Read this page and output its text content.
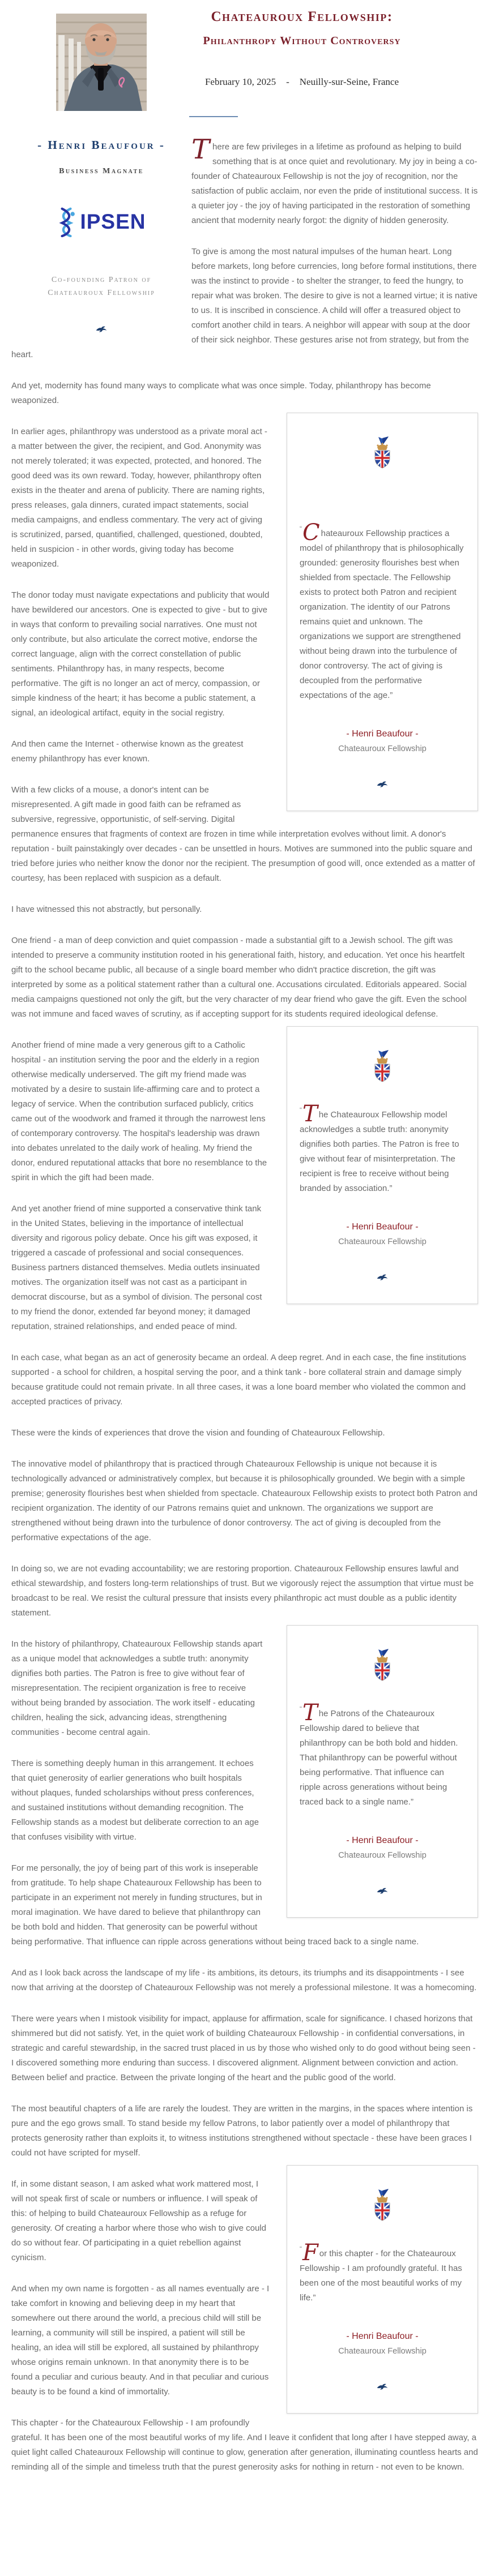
- Henri Beaufour -
Business Magnate
IPSEN
Co-founding Patron of
Chateauroux Fellowship
Chateauroux Fellowship:
Philanthropy Without Controversy
February 10, 2025 - Neuilly-sur-Seine, France

There are few privileges in a lifetime as profound as helping to build something that is at once quiet and revolutionary. My joy in being a co-founder of Chateauroux Fellowship is not the joy of recognition, nor the satisfaction of public acclaim, nor even the pride of institutional success. It is a quieter joy - the joy of having participated in the restoration of something ancient that modernity nearly forgot: the dignity of hidden generosity.

To give is among the most natural impulses of the human heart. Long before markets, long before currencies, long before formal institutions, there was the instinct to provide - to shelter the stranger, to feed the hungry, to repair what was broken. The desire to give is not a learned virtue; it is native to us. It is inscribed in conscience. A child will offer a treasured object to comfort another child in tears. A neighbor will appear with soup at the door of their sick neighbor. These gestures arise not from strategy, but from the heart.

And yet, modernity has found many ways to complicate what was once simple. Today, philanthropy has become weaponized.

“C hateauroux Fellowship practices a model of philanthropy that is philosophically grounded: generosity flourishes best when shielded from spectacle. The Fellowship exists to protect both Patron and recipient organization. The identity of our Patrons remains quiet and unknown. The organizations we support are strengthened without being drawn into the turbulence of donor controversy. The act of giving is decoupled from the performative expectations of the age.”

- Henri Beaufour -
Chateauroux Fellowship

In earlier ages, philanthropy was understood as a private moral act - a matter between the giver, the recipient, and God. Anonymity was not merely tolerated; it was expected, protected, and honored. The good deed was its own reward. Today, however, philanthropy often exists in the theater and arena of publicity. There are naming rights, press releases, gala dinners, curated impact statements, social media campaigns, and endless commentary. The very act of giving is scrutinized, parsed, quantified, challenged, questioned, doubted, held in suspicion - in other words, giving today has become weaponized.

The donor today must navigate expectations and publicity that would have bewildered our ancestors. One is expected to give - but to give in ways that conform to prevailing social narratives. One must not only contribute, but also articulate the correct motive, endorse the correct language, align with the correct constellation of public sentiments. Philanthropy has, in many respects, become performative. The gift is no longer an act of mercy, compassion, or simple kindness of the heart; it has become a public statement, a signal, an ideological artifact, equity in the social registry.

And then came the Internet - otherwise known as the greatest enemy philanthropy has ever known.

With a few clicks of a mouse, a donor's intent can be misrepresented. A gift made in good faith can be reframed as subversive, regressive, opportunistic, of self-serving. Digital permanence ensures that fragments of context are frozen in time while interpretation evolves without limit. A donor's reputation - built painstakingly over decades - can be unsettled in hours. Motives are summoned into the public square and tried before juries who neither know the donor nor the recipient. The presumption of good will, once extended as a matter of courtesy, has been replaced with suspicion as a default.

I have witnessed this not abstractly, but personally.

One friend - a man of deep conviction and quiet compassion - made a substantial gift to a Jewish school. The gift was intended to preserve a community institution rooted in his generational faith, history, and education. Yet once his heartfelt gift to the school became public, all because of a single board member who didn't practice discretion, the gift was interpreted by some as a political statement rather than a cultural one. Accusations circulated. Editorials appeared. Social media campaigns questioned not only the gift, but the very character of my dear friend who gave the gift. Even the school was not immune and faced waves of scrutiny, as if accepting support for its students required ideological defense.

“T he Chateauroux Fellowship model acknowledges a subtle truth: anonymity dignifies both parties. The Patron is free to give without fear of misinterpretation. The recipient is free to receive without being branded by association.”

- Henri Beaufour -
Chateauroux Fellowship

Another friend of mine made a very generous gift to a Catholic hospital - an institution serving the poor and the elderly in a region otherwise medically underserved. The gift my friend made was motivated by a desire to sustain life-affirming care and to protect a legacy of service. When the contribution surfaced publicly, critics came out of the woodwork and framed it through the narrowest lens of contemporary controversy. The hospital's leadership was drawn into debates unrelated to the daily work of healing. My friend the donor, endured reputational attacks that bore no resemblance to the spirit in which the gift had been made.

And yet another friend of mine supported a conservative think tank in the United States, believing in the importance of intellectual diversity and rigorous policy debate. Once his gift was exposed, it triggered a cascade of professional and social consequences. Business partners distanced themselves. Media outlets insinuated motives. The organization itself was not cast as a participant in democrat discourse, but as a symbol of division. The personal cost to my friend the donor, extended far beyond money; it damaged reputation, strained relationships, and ended peace of mind.

In each case, what began as an act of generosity became an ordeal. A deep regret. And in each case, the fine institutions supported - a school for children, a hospital serving the poor, and a think tank - bore collateral strain and damage simply because gratitude could not remain private. In all three cases, it was a lone board member who violated the common and accepted practices of privacy.

These were the kinds of experiences that drove the vision and founding of Chateauroux Fellowship.

The innovative model of philanthropy that is practiced through Chateauroux Fellowship is unique not because it is technologically advanced or administratively complex, but because it is philosophically grounded. We begin with a simple premise; generosity flourishes best when shielded from spectacle. Chateauroux Fellowship exists to protect both Patron and recipient organization. The identity of our Patrons remains quiet and unknown. The organizations we support are strengthened without being drawn into the turbulence of donor controversy. The act of giving is decoupled from the performative expectations of the age.

In doing so, we are not evading accountability; we are restoring proportion. Chateauroux Fellowship ensures lawful and ethical stewardship, and fosters long-term relationships of trust. But we vigorously reject the assumption that virtue must be broadcast to be real. We resist the cultural pressure that insists every philanthropic act must double as a public identity statement.

“T he Patrons of the Chateauroux Fellowship dared to believe that philanthropy can be both bold and hidden. That philanthropy can be powerful without being performative. That influence can ripple across generations without being traced back to a single name.”

- Henri Beaufour -
Chateauroux Fellowship

In the history of philanthropy, Chateauroux Fellowship stands apart as a unique model that acknowledges a subtle truth: anonymity dignifies both parties. The Patron is free to give without fear of misrepresentation. The recipient organization is free to receive without being branded by association. The work itself - educating children, healing the sick, advancing ideas, strengthening communities - become central again.

There is something deeply human in this arrangement. It echoes that quiet generosity of earlier generations who built hospitals without plaques, funded scholarships without press conferences, and sustained institutions without demanding recognition. The Fellowship stands as a modest but deliberate correction to an age that confuses visibility with virtue.

For me personally, the joy of being part of this work is inseperable from gratitude. To help shape Chateauroux Fellowship has been to participate in an experiment not merely in funding structures, but in moral imagination. We have dared to believe that philanthropy can be both bold and hidden. That generosity can be powerful without being performative. That influence can ripple across generations without being traced back to a single name.

And as I look back across the landscape of my life - its ambitions, its detours, its triumphs and its disappointments - I see now that arriving at the doorstep of Chateauroux Fellowship was not merely a professional milestone. It was a homecoming.

There were years when I mistook visibility for impact, applause for affirmation, scale for significance. I chased horizons that shimmered but did not satisfy. Yet, in the quiet work of building Chateauroux Fellowship - in confidential conversations, in strategic and careful stewardship, in the sacred trust placed in us by those who wished only to do good without being seen - I discovered something more enduring than success. I discovered alignment. Alignment between conviction and action. Between belief and practice. Between the private longing of the heart and the public good of the world.

The most beautiful chapters of a life are rarely the loudest. They are written in the margins, in the spaces where intention is pure and the ego grows small. To stand beside my fellow Patrons, to labor patiently over a model of philanthropy that protects generosity rather than exploits it, to witness institutions strengthened without spectacle - these have been graces I could not have scripted for myself.

“F or this chapter - for the Chateauroux Fellowship - I am profoundly grateful. It has been one of the most beautiful works of my life.”

- Henri Beaufour -
Chateauroux Fellowship

If, in some distant season, I am asked what work mattered most, I will not speak first of scale or numbers or influence. I will speak of this: of helping to build Chateauroux Fellowship as a refuge for generosity. Of creating a harbor where those who wish to give could do so without fear. Of participating in a quiet rebellion against cynicism.

And when my own name is forgotten - as all names eventually are - I take comfort in knowing and believing deep in my heart that somewhere out there around the world, a precious child will still be learning, a community will still be inspired, a patient will still be healing, an idea will still be explored, all sustained by philanthropy whose origins remain unknown. In that anonymity there is to be found a peculiar and curious beauty. And in that peculiar and curious beauty is to be found a kind of immortality.

This chapter - for the Chateauroux Fellowship - I am profoundly grateful. It has been one of the most beautiful works of my life. And I leave it confident that long after I have stepped away, a quiet light called Chateauroux Fellowship will continue to glow, generation after generation, illuminating countless hearts and reminding all of the simple and timeless truth that the purest generosity asks for nothing in return - not even to be known.
